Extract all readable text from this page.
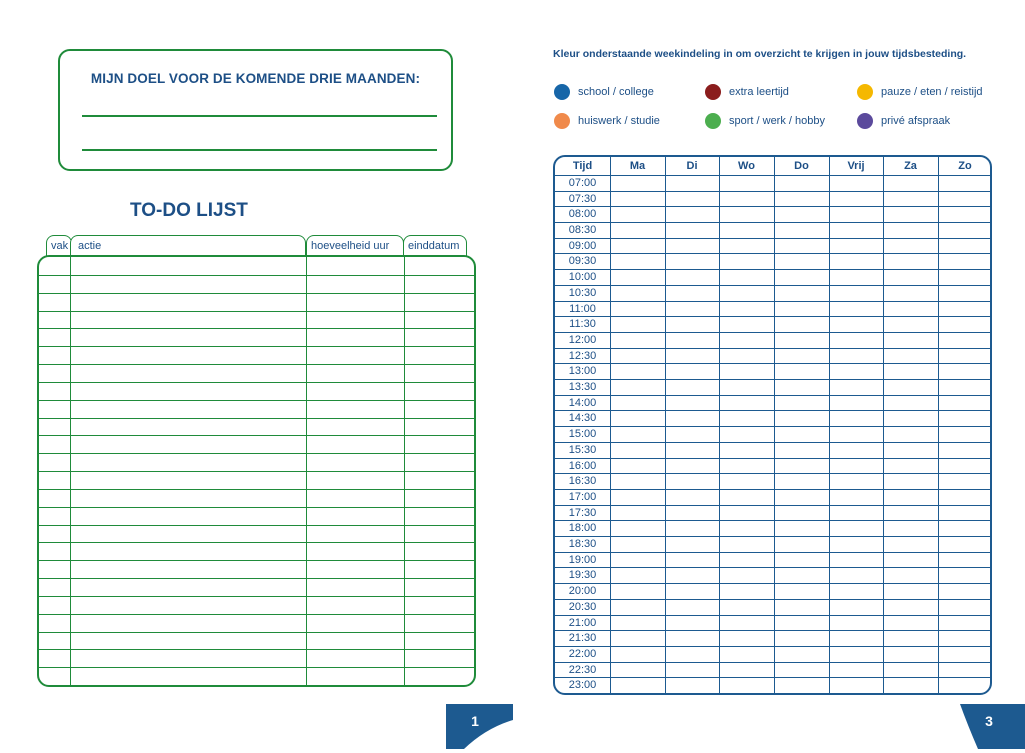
MIJN DOEL VOOR DE KOMENDE DRIE MAANDEN:
TO-DO LIJST
vak actie	hoeveelheid uur	einddatum
Kleur onderstaande weekindeling in om overzicht te krijgen in jouw tijdsbesteding.
school / college	extra leertijd	pauze / eten / reistijd
huiswerk / studie	sport / werk / hobby	privé afspraak
Tijd	Ma	Di	Wo	Do	Vrij	Za	Zo
07:00
07:30
08:00
08:30
09:00
09:30
10:00
10:30
11:00
11:30
12:00
12:30
13:00
13:30
14:00
14:30
15:00
15:30
16:00
16:30
17:00
17:30
18:00
18:30
19:00
19:30
20:00
20:30
21:00
21:30
22:00
22:30
23:00
1	3
